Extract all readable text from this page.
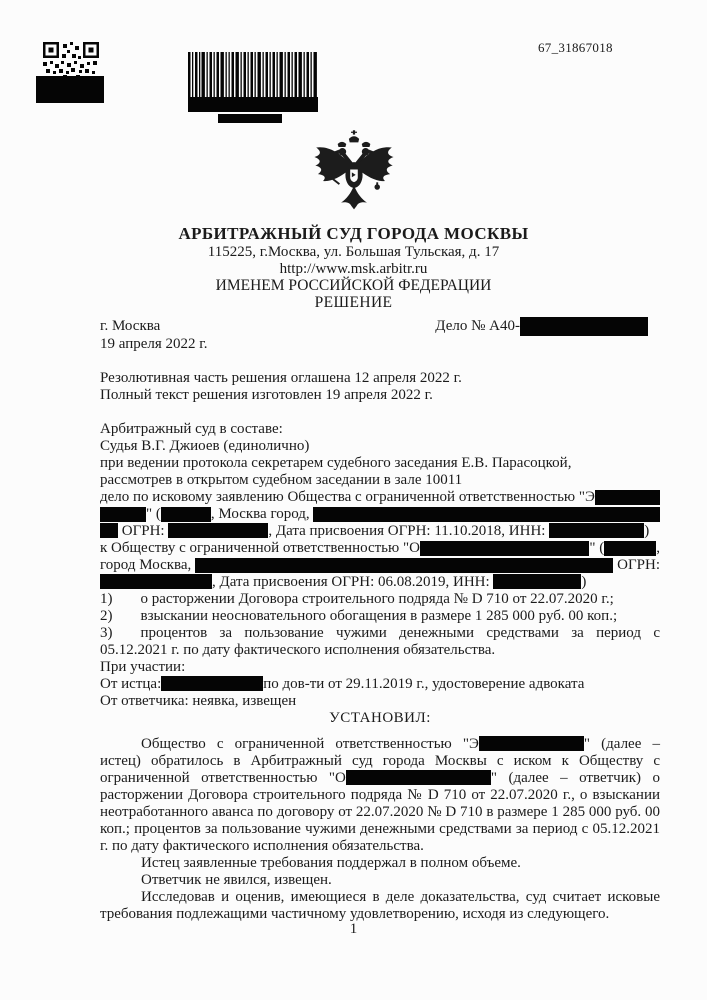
67_31867018
АРБИТРАЖНЫЙ СУД ГОРОДА МОСКВЫ
115225, г.Москва, ул. Большая Тульская, д. 17
http://www.msk.arbitr.ru
ИМЕНЕМ РОССИЙСКОЙ ФЕДЕРАЦИИ
РЕШЕНИЕ
г. Москва	Дело № А40-
19 апреля 2022 г.
Резолютивная часть решения оглашена 12 апреля 2022 г.
Полный текст решения изготовлен 19 апреля 2022 г.
Арбитражный суд в составе:
Судья В.Г. Джиоев (единолично)
при ведении протокола секретарем судебного заседания Е.В. Парасоцкой,
рассмотрев в открытом судебном заседании в зале 10011
дело по исковому заявлению Общества с ограниченной ответственностью "Э
" (	, Москва город,
ОГРН:	, Дата присвоения ОГРН: 11.10.2018, ИНН:	)
к Обществу с ограниченной ответственностью "О	" (	,
город Москва,	ОГРН:
, Дата присвоения ОГРН: 06.08.2019, ИНН:	)
1) о расторжении Договора строительного подряда № D 710 от 22.07.2020 г.;
2) взыскании неосновательного обогащения в размере 1 285 000 руб. 00 коп.;
3) процентов за пользование чужими денежными средствами за период с 05.12.2021 г. по дату фактического исполнения обязательства.
При участии:
От истца:	по дов-ти от 29.11.2019 г., удостоверение адвоката
От ответчика: неявка, извещен
УСТАНОВИЛ:
Общество с ограниченной ответственностью "Э	" (далее – истец) обратилось в Арбитражный суд города Москвы с иском к Обществу с ограниченной ответственностью "О	" (далее – ответчик) о расторжении Договора строительного подряда № D 710 от 22.07.2020 г., о взыскании неотработанного аванса по договору от 22.07.2020 № D 710 в размере 1 285 000 руб. 00 коп.; процентов за пользование чужими денежными средствами за период с 05.12.2021 г. по дату фактического исполнения обязательства.
Истец заявленные требования поддержал в полном объеме.
Ответчик не явился, извещен.
Исследовав и оценив, имеющиеся в деле доказательства, суд считает исковые требования подлежащими частичному удовлетворению, исходя из следующего.
1
